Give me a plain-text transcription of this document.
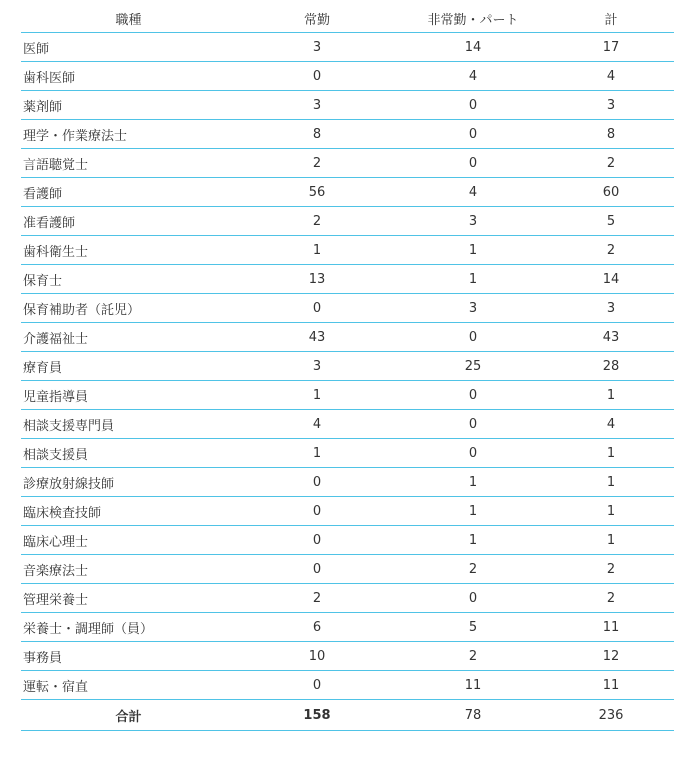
職種	常勤	非常勤・パート	計
医師	3	14	17
歯科医師	0	4	4
薬剤師	3	0	3
理学・作業療法士	8	0	8
言語聴覚士	2	0	2
看護師	56	4	60
准看護師	2	3	5
歯科衛生士	1	1	2
保育士	13	1	14
保育補助者（託児）	0	3	3
介護福祉士	43	0	43
療育員	3	25	28
児童指導員	1	0	1
相談支援専門員	4	0	4
相談支援員	1	0	1
診療放射線技師	0	1	1
臨床検査技師	0	1	1
臨床心理士	0	1	1
音楽療法士	0	2	2
管理栄養士	2	0	2
栄養士・調理師（員）	6	5	11
事務員	10	2	12
運転・宿直	0	11	11
合計	158	78	236
